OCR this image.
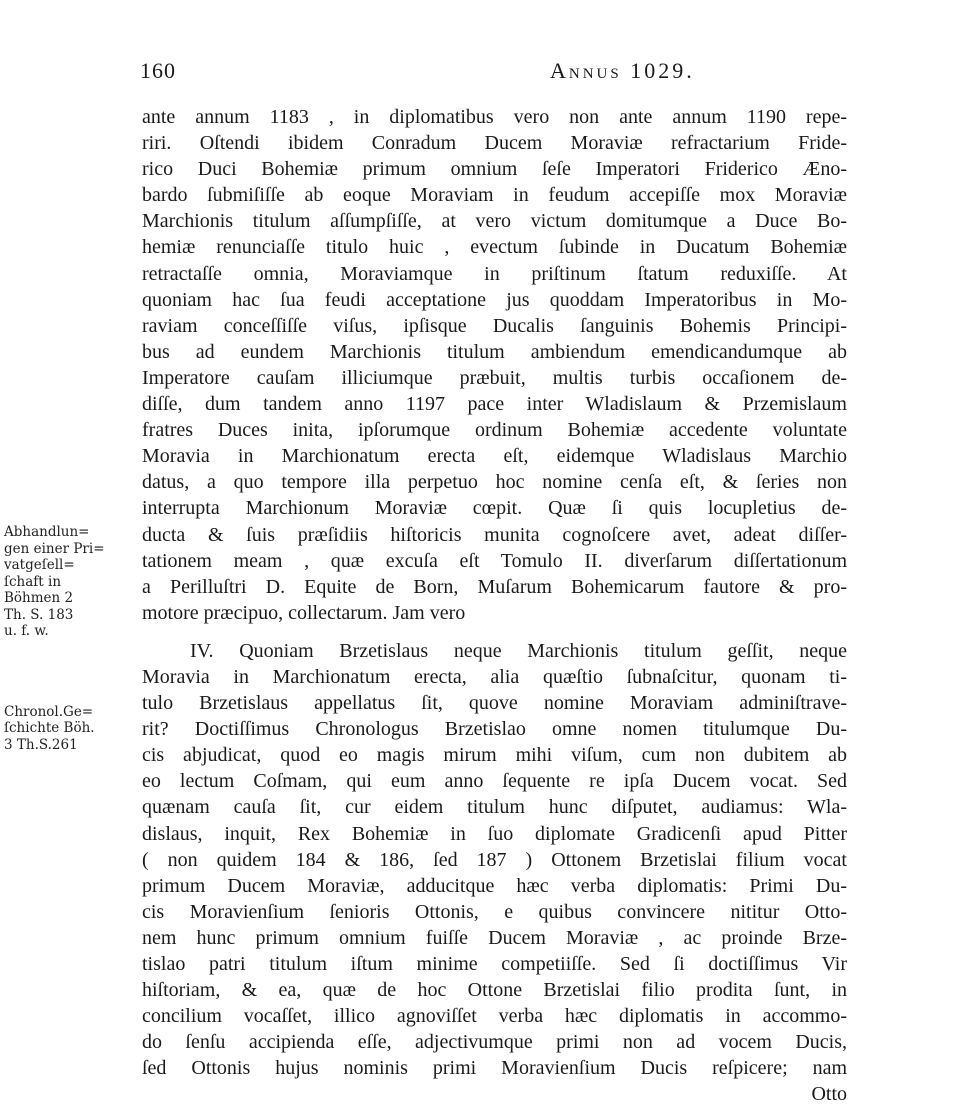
160	Annus 1029.
ante annum 1183 , in diplomatibus vero non ante annum 1190 repe-
riri. Oſtendi ibidem Conradum Ducem Moraviæ refractarium Fride-
rico Duci Bohemiæ primum omnium ſeſe Imperatori Friderico Æno-
bardo ſubmiſiſſe ab eoque Moraviam in feudum accepiſſe mox Moraviæ
Marchionis titulum aſſumpſiſſe, at vero victum domitumque a Duce Bo-
hemiæ renunciaſſe titulo huic , evectum ſubinde in Ducatum Bohemiæ
retractaſſe omnia, Moraviamque in priſtinum ſtatum reduxiſſe. At
quoniam hac ſua feudi acceptatione jus quoddam Imperatoribus in Mo-
raviam conceſſiſſe viſus, ipſisque Ducalis ſanguinis Bohemis Principi-
bus ad eundem Marchionis titulum ambiendum emendicandumque ab
Imperatore cauſam illiciumque præbuit, multis turbis occaſionem de-
diſſe, dum tandem anno 1197 pace inter Wladislaum & Przemislaum
fratres Duces inita, ipſorumque ordinum Bohemiæ accedente voluntate
Moravia in Marchionatum erecta eſt, eidemque Wladislaus Marchio
datus, a quo tempore illa perpetuo hoc nomine cenſa eſt, & ſeries non
interrupta Marchionum Moraviæ cœpit. Quæ ſi quis locupletius de-
ducta & ſuis præſidiis hiſtoricis munita cognoſcere avet, adeat diſſer-
tationem meam , quæ excuſa eſt Tomulo II. diverſarum diſſertationum
a Perilluſtri D. Equite de Born, Muſarum Bohemicarum fautore & pro-
motore præcipuo, collectarum. Jam vero
IV. Quoniam Brzetislaus neque Marchionis titulum geſſit, neque
Moravia in Marchionatum erecta, alia quæſtio ſubnaſcitur, quonam ti-
tulo Brzetislaus appellatus ſit, quove nomine Moraviam adminiſtrave-
rit? Doctiſſimus Chronologus Brzetislao omne nomen titulumque Du-
cis abjudicat, quod eo magis mirum mihi viſum, cum non dubitem ab
eo lectum Coſmam, qui eum anno ſequente re ipſa Ducem vocat. Sed
quænam cauſa ſit, cur eidem titulum hunc diſputet, audiamus: Wla-
dislaus, inquit, Rex Bohemiæ in ſuo diplomate Gradicenſi apud Pitter
( non quidem 184 & 186, ſed 187 ) Ottonem Brzetislai filium vocat
primum Ducem Moraviæ, adducitque hæc verba diplomatis: Primi Du-
cis Moravienſium ſenioris Ottonis, e quibus convincere nititur Otto-
nem hunc primum omnium fuiſſe Ducem Moraviæ , ac proinde Brze-
tislao patri titulum iſtum minime competiiſſe. Sed ſi doctiſſimus Vir
hiſtoriam, & ea, quæ de hoc Ottone Brzetislai filio prodita ſunt, in
concilium vocaſſet, illico agnoviſſet verba hæc diplomatis in accommo-
do ſenſu accipienda eſſe, adjectivumque primi non ad vocem Ducis,
ſed Ottonis hujus nominis primi Moravienſium Ducis reſpicere; nam
Otto
Abhandlun=
gen einer Pri=
vatgeſell=
ſchaft in
Böhmen 2
Th. S. 183
u. f. w.
Chronol.Ge=
ſchichte Böh.
3 Th.S.261
